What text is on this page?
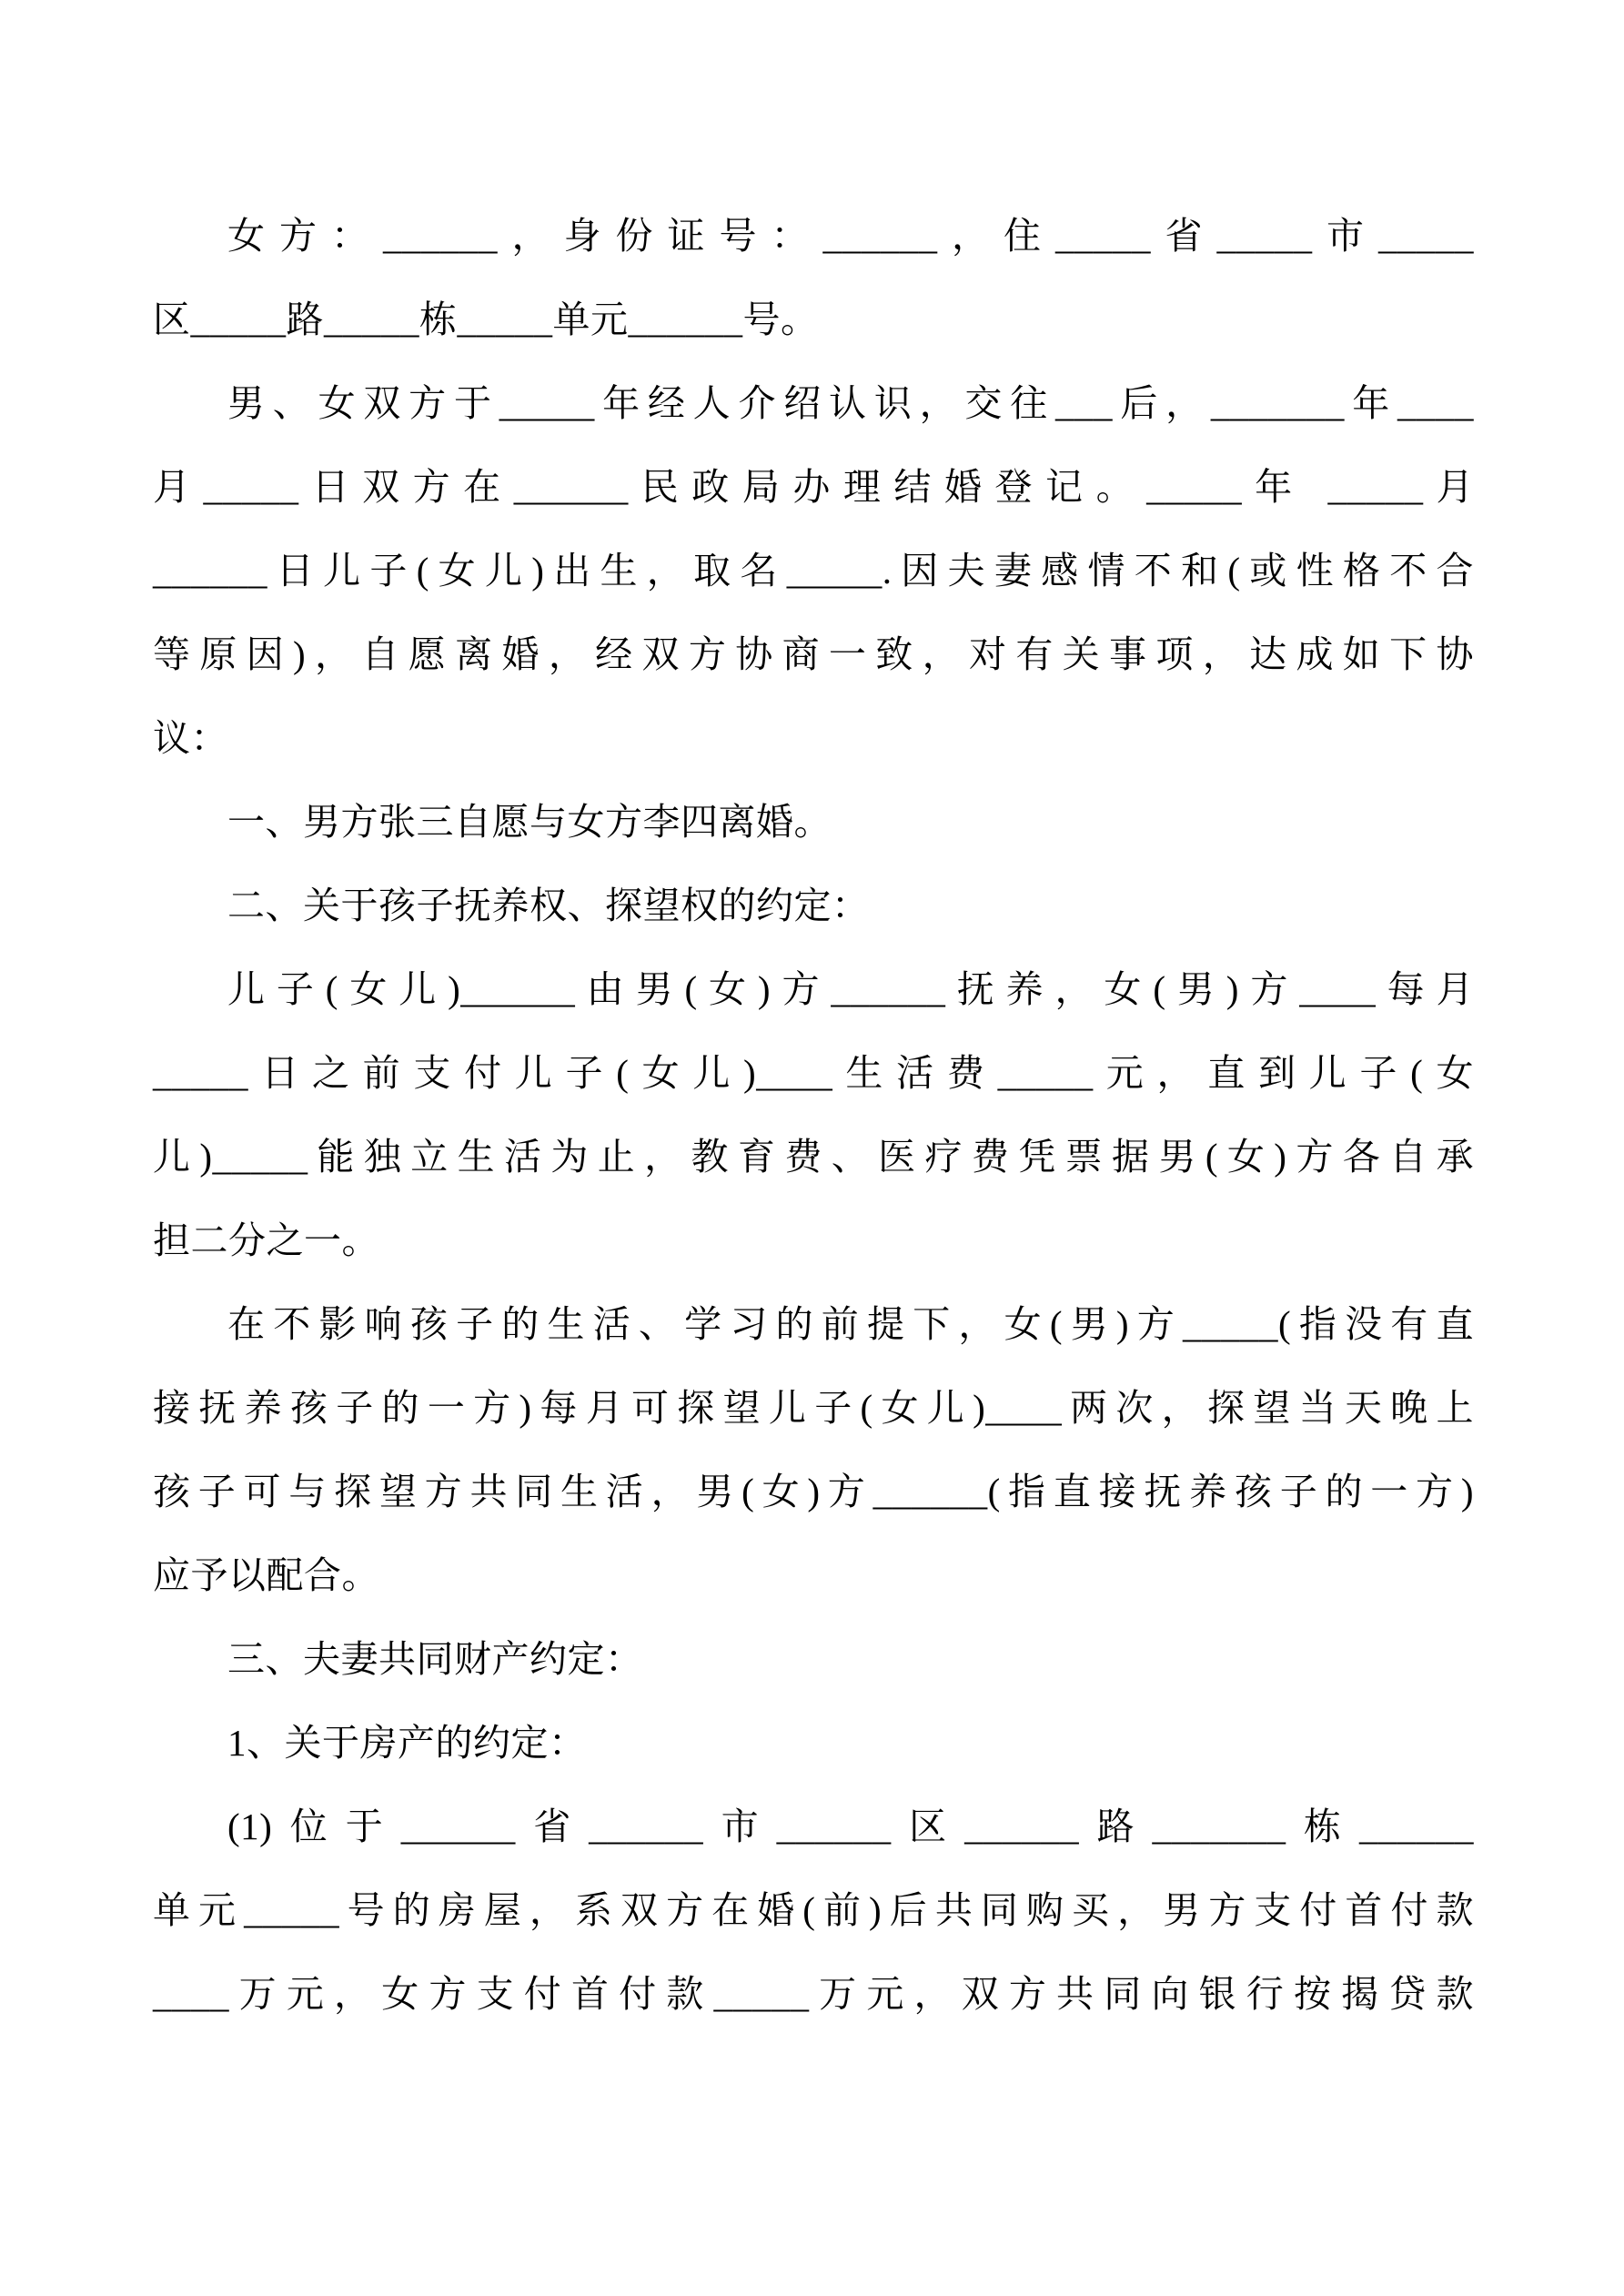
女方：______，身份证号：______，住_____省_____市_____
区_____路_____栋_____单元______号。
男、女双方于_____年经人介绍认识，交往___后，_______年____
月_____日双方在______民政局办理结婚登记。_____年 _____月
______日儿子(女儿)出生，取名_____.因夫妻感情不和(或性格不合
等原因)，自愿离婚，经双方协商一致，对有关事项，达成如下协
议：
一、男方张三自愿与女方李四离婚。
二、关于孩子抚养权、探望权的约定：
儿子(女儿)______由男(女)方______抚养，女(男)方____每月
_____日之前支付儿子(女儿)____生活费_____元，直到儿子(女
儿)_____能独立生活为止，教育费、医疗费凭票据男(女)方各自承
担二分之一。
在不影响孩子的生活、学习的前提下，女(男)方_____(指没有直
接抚养孩子的一方)每月可探望儿子(女儿)____两次，探望当天晚上
孩子可与探望方共同生活，男(女)方______(指直接抚养孩子的一方)
应予以配合。
三、夫妻共同财产约定：
1、关于房产的约定：
(1)位于______省______市______区______路_______栋______
单元_____号的房屋，系双方在婚(前)后共同购买，男方支付首付款
____万元，女方支付首付款_____万元，双方共同向银行按揭贷款
